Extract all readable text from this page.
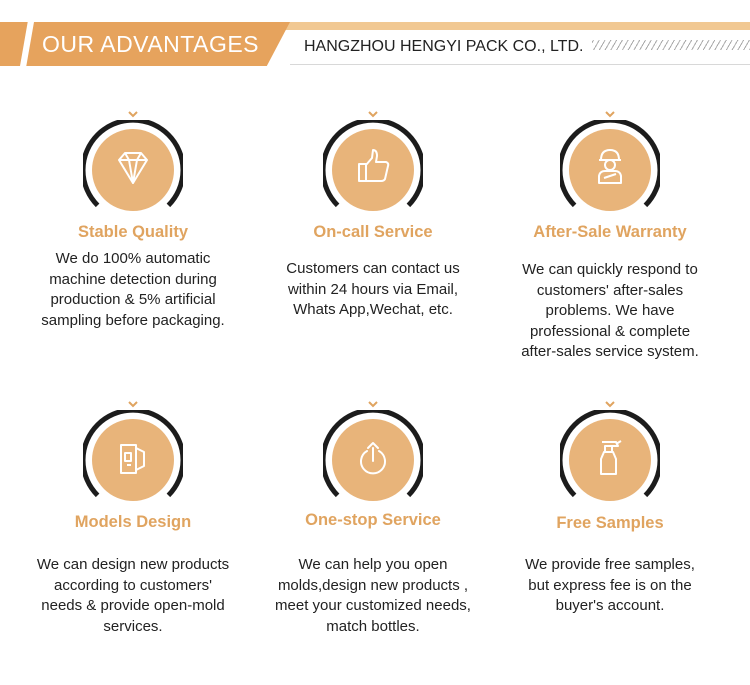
OUR ADVANTAGES	HANGZHOU HENGYI PACK CO., LTD.
Stable Quality
We do 100% automatic
machine detection during
production & 5% artificial
sampling before packaging.
On-call Service
Customers can contact us
within 24 hours via Email,
Whats App,Wechat, etc.
After-Sale Warranty
We can quickly respond to
customers' after-sales
problems. We have
professional & complete
after-sales service system.
Models Design
We can design new products
according to customers'
needs & provide open-mold
services.
One-stop Service
We can help you open
molds,design new products ,
meet your customized needs,
match bottles.
Free Samples
We provide free samples,
but express fee is on the
buyer's account.
